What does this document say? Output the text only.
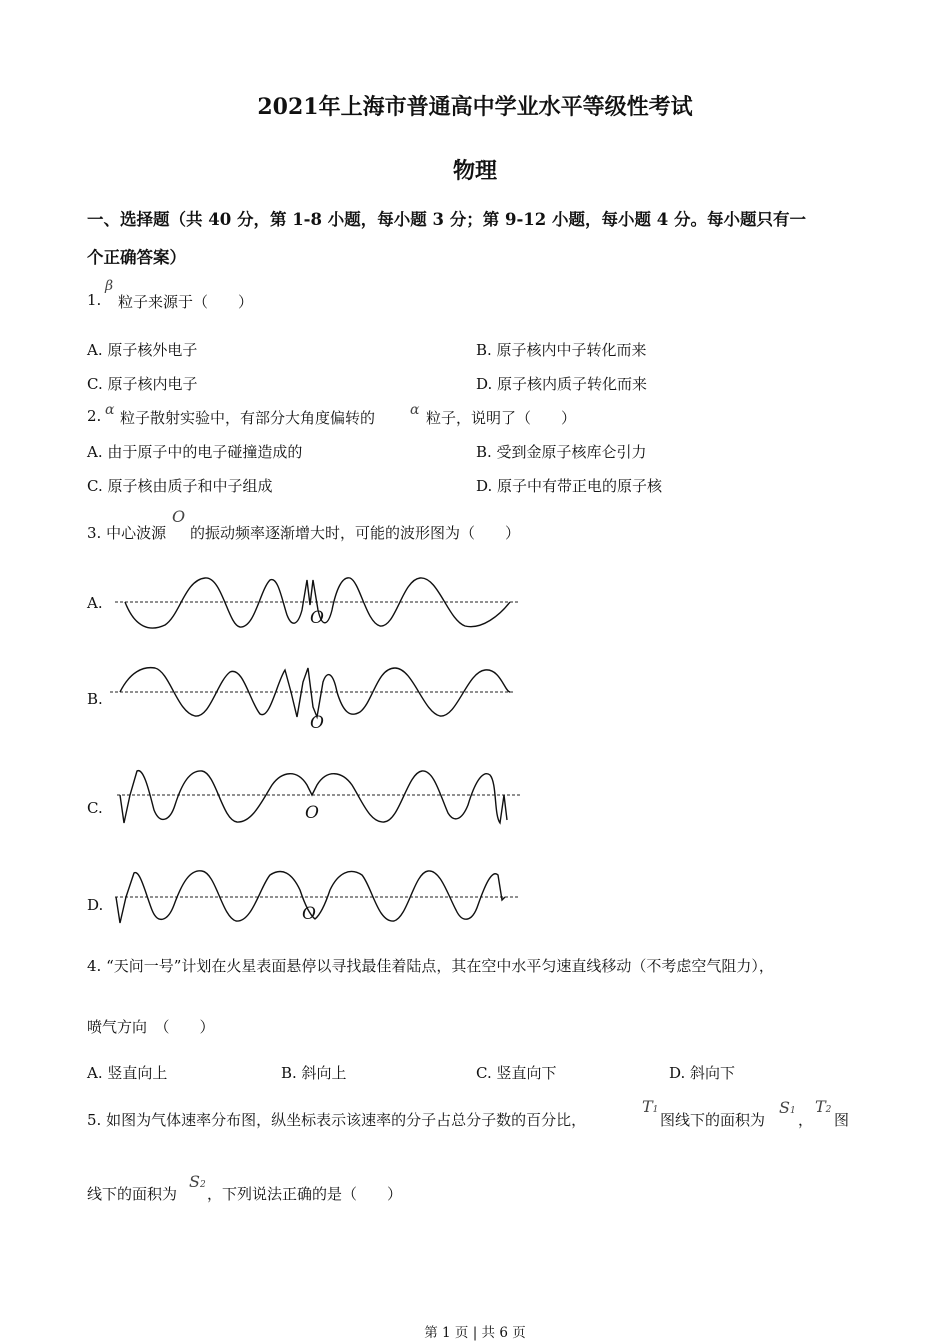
2021年上海市普通高中学业水平等级性考试
物理
一、选择题（共 40 分，第 1-8 小题，每小题 3 分；第 9-12 小题，每小题 4 分。每小题只有一
个正确答案）
1.
β
粒子来源于（　　）
A. 原子核外电子	B. 原子核内中子转化而来
C. 原子核内电子	D. 原子核内质子转化而来
2. α 粒子散射实验中，有部分大角度偏转的 α 粒子，说明了（　　）
A. 由于原子中的电子碰撞造成的	B. 受到金原子核库仑引力
C. 原子核由质子和中子组成	D. 原子中有带正电的原子核
3. 中心波源
O
的振动频率逐渐增大时，可能的波形图为（　　）
A.
B.
C.
D.
O
O
O
O
4. “天问一号”计划在火星表面悬停以寻找最佳着陆点，其在空中水平匀速直线移动（不考虑空气阻力），
喷气方向　（　　）
A. 竖直向上	B. 斜向上	C. 竖直向下	D. 斜向下
5. 如图为气体速率分布图，纵坐标表示该速率的分子占总分子数的百分比，
T1
图线下的面积为
S1 ，
T2
图
线下的面积为
S2 ，下列说法正确的是（　　）
第 1 页 | 共 6 页
